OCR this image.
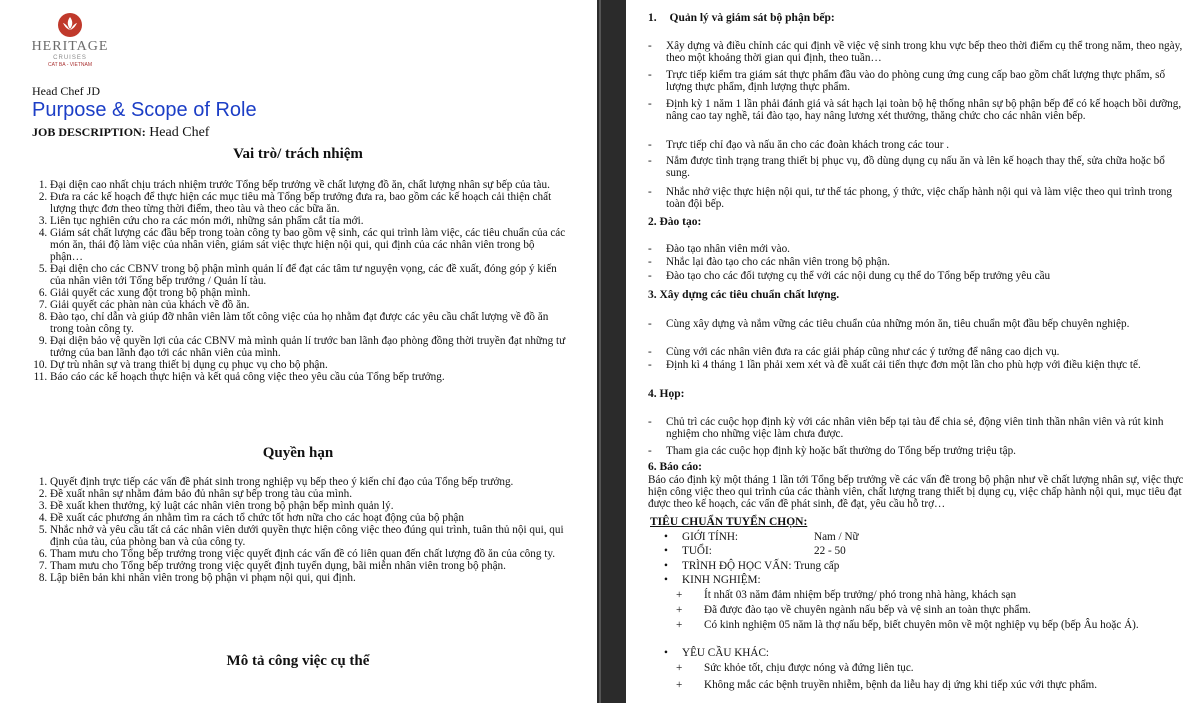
HERITAGE
CRUISES
CAT BA - VIETNAM
Head Chef JD
Purpose & Scope of Role
JOB DESCRIPTION: Head Chef
Vai trò/ trách nhiệm
1. Đại diện cao nhất chịu trách nhiệm trước Tổng bếp trưởng về chất lượng đồ ăn, chất lượng nhân sự bếp của tàu.
2. Đưa ra các kế hoạch để thực hiện các mục tiêu mà Tổng bếp trưởng đưa ra, bao gồm các kế hoạch cải thiện chất lượng thực đơn theo từng thời điểm, theo tàu và theo các bữa ăn.
3. Liên tục nghiên cứu cho ra các món mới, những sản phẩm cắt tỉa mới.
4. Giám sát chất lượng các đầu bếp trong toàn công ty bao gồm vệ sinh, các qui trình làm việc, các tiêu chuẩn của các món ăn, thái độ làm việc của nhân viên, giám sát việc thực hiện nội qui, qui định của các nhân viên trong bộ phận…
5. Đại diện cho các CBNV trong bộ phận mình quản lí để đạt các tâm tư nguyện vọng, các đề xuất, đóng góp ý kiến của nhân viên tới Tổng bếp trưởng / Quản lí tàu.
6. Giải quyết các xung đột trong bộ phận mình.
7. Giải quyết các phàn nàn của khách về đồ ăn.
8. Đào tạo, chỉ dẫn và giúp đỡ nhân viên làm tốt công việc của họ nhằm đạt được các yêu cầu chất lượng về đồ ăn trong toàn công ty.
9. Đại diện bảo vệ quyền lợi của các CBNV mà mình quản lí trước ban lãnh đạo phòng đồng thời truyền đạt những tư tưởng của ban lãnh đạo tới các nhân viên của mình.
10. Dự trù nhân sự và trang thiết bị dụng cụ phục vụ cho bộ phận.
11. Báo cáo các kế hoạch thực hiện và kết quả công việc theo yêu cầu của Tổng bếp trưởng.
Quyền hạn
1. Quyết định trực tiếp các vấn đề phát sinh trong nghiệp vụ bếp theo ý kiến chỉ đạo của Tổng bếp trưởng.
2. Đề xuất nhân sự nhằm đảm bảo đủ nhân sự bếp trong tàu của mình.
3. Đề xuất khen thưởng, kỷ luật các nhân viên trong bộ phận bếp mình quản lý.
4. Đề xuất các phương án nhằm tìm ra cách tổ chức tốt hơn nữa cho các hoạt động của bộ phận
5. Nhắc nhở và yêu cầu tất cả các nhân viên dưới quyền thực hiện công việc theo đúng qui trình, tuân thủ nội qui, qui định của tàu, của phòng ban và của công ty.
6. Tham mưu cho Tổng bếp trưởng trong việc quyết định các vấn đề có liên quan đến chất lượng đồ ăn của công ty.
7. Tham mưu cho Tổng bếp trưởng trong việc quyết định tuyển dụng, bãi miễn nhân viên trong bộ phận.
8. Lập biên bản khi nhân viên trong bộ phận vi phạm nội qui, qui định.
Mô tả công việc cụ thể
1. Quản lý và giám sát bộ phận bếp:
- Xây dựng và điều chỉnh các qui định về việc vệ sinh trong khu vực bếp theo thời điểm cụ thể trong năm, theo ngày, theo một khoảng thời gian qui định, theo tuần…
- Trực tiếp kiểm tra giám sát thực phẩm đầu vào do phòng cung ứng cung cấp bao gồm chất lượng thực phẩm, số lượng thực phẩm, định lượng thực phẩm.
- Định kỳ 1 năm 1 lần phải đánh giá và sát hạch lại toàn bộ hệ thống nhân sự bộ phận bếp để có kế hoạch bồi dưỡng, nâng cao tay nghề, tái đào tạo, hay nâng lương xét thưởng, thăng chức cho các nhân viên bếp.
- Trực tiếp chỉ đạo và nấu ăn cho các đoàn khách trong các tour .
- Nắm được tình trạng trang thiết bị phục vụ, đồ dùng dụng cụ nấu ăn và lên kế hoạch thay thế, sửa chữa hoặc bổ sung.
- Nhắc nhở việc thực hiện nội qui, tư thế tác phong, ý thức, việc chấp hành nội qui và làm việc theo qui trình trong toàn đội bếp.
2. Đào tạo:
- Đào tạo nhân viên mới vào.
- Nhắc lại đào tạo cho các nhân viên trong bộ phận.
- Đào tạo cho các đối tượng cụ thể với các nội dung cụ thể do Tổng bếp trưởng yêu cầu
3. Xây dựng các tiêu chuẩn chất lượng.
- Cùng xây dựng và nắm vững các tiêu chuẩn của những món ăn, tiêu chuẩn một đầu bếp chuyên nghiệp.
- Cùng với các nhân viên đưa ra các giải pháp cũng như các ý tưởng để nâng cao dịch vụ.
- Định kì 4 tháng 1 lần phải xem xét và đề xuất cải tiến thực đơn một lần cho phù hợp với điều kiện thực tế.
4. Họp:
- Chủ trì các cuộc họp định kỳ với các nhân viên bếp tại tàu để chia sẻ, động viên tinh thần nhân viên và rút kinh nghiệm cho những việc làm chưa được.
- Tham gia các cuộc họp định kỳ hoặc bất thường do Tổng bếp trưởng triệu tập.
6. Báo cáo:
Báo cáo định kỳ một tháng 1 lần tới Tổng bếp trưởng về các vấn đề trong bộ phận như về chất lượng nhân sự, việc thực hiện công việc theo qui trình của các thành viên, chất lượng trang thiết bị dụng cụ, việc chấp hành nội qui, mục tiêu đạt được theo kế hoạch, các vấn đề phát sinh, đề đạt, yêu cầu hỗ trợ…
TIÊU CHUẨN TUYỂN CHỌN:
• GIỚI TÍNH:	Nam / Nữ
• TUỔI:	22 - 50
• TRÌNH ĐỘ HỌC VẤN: Trung cấp
• KINH NGHIỆM:
+ Ít nhất 03 năm đảm nhiệm bếp trưởng/ phó trong nhà hàng, khách sạn
+ Đã được đào tạo về chuyên ngành nấu bếp và vệ sinh an toàn thực phẩm.
+ Có kinh nghiệm 05 năm là thợ nấu bếp, biết chuyên môn về một nghiệp vụ bếp (bếp Âu hoặc Á).
• YÊU CẦU KHÁC:
+ Sức khỏe tốt, chịu được nóng và đứng liên tục.
+ Không mắc các bệnh truyền nhiễm, bệnh da liễu hay dị ứng khi tiếp xúc với thực phẩm.
